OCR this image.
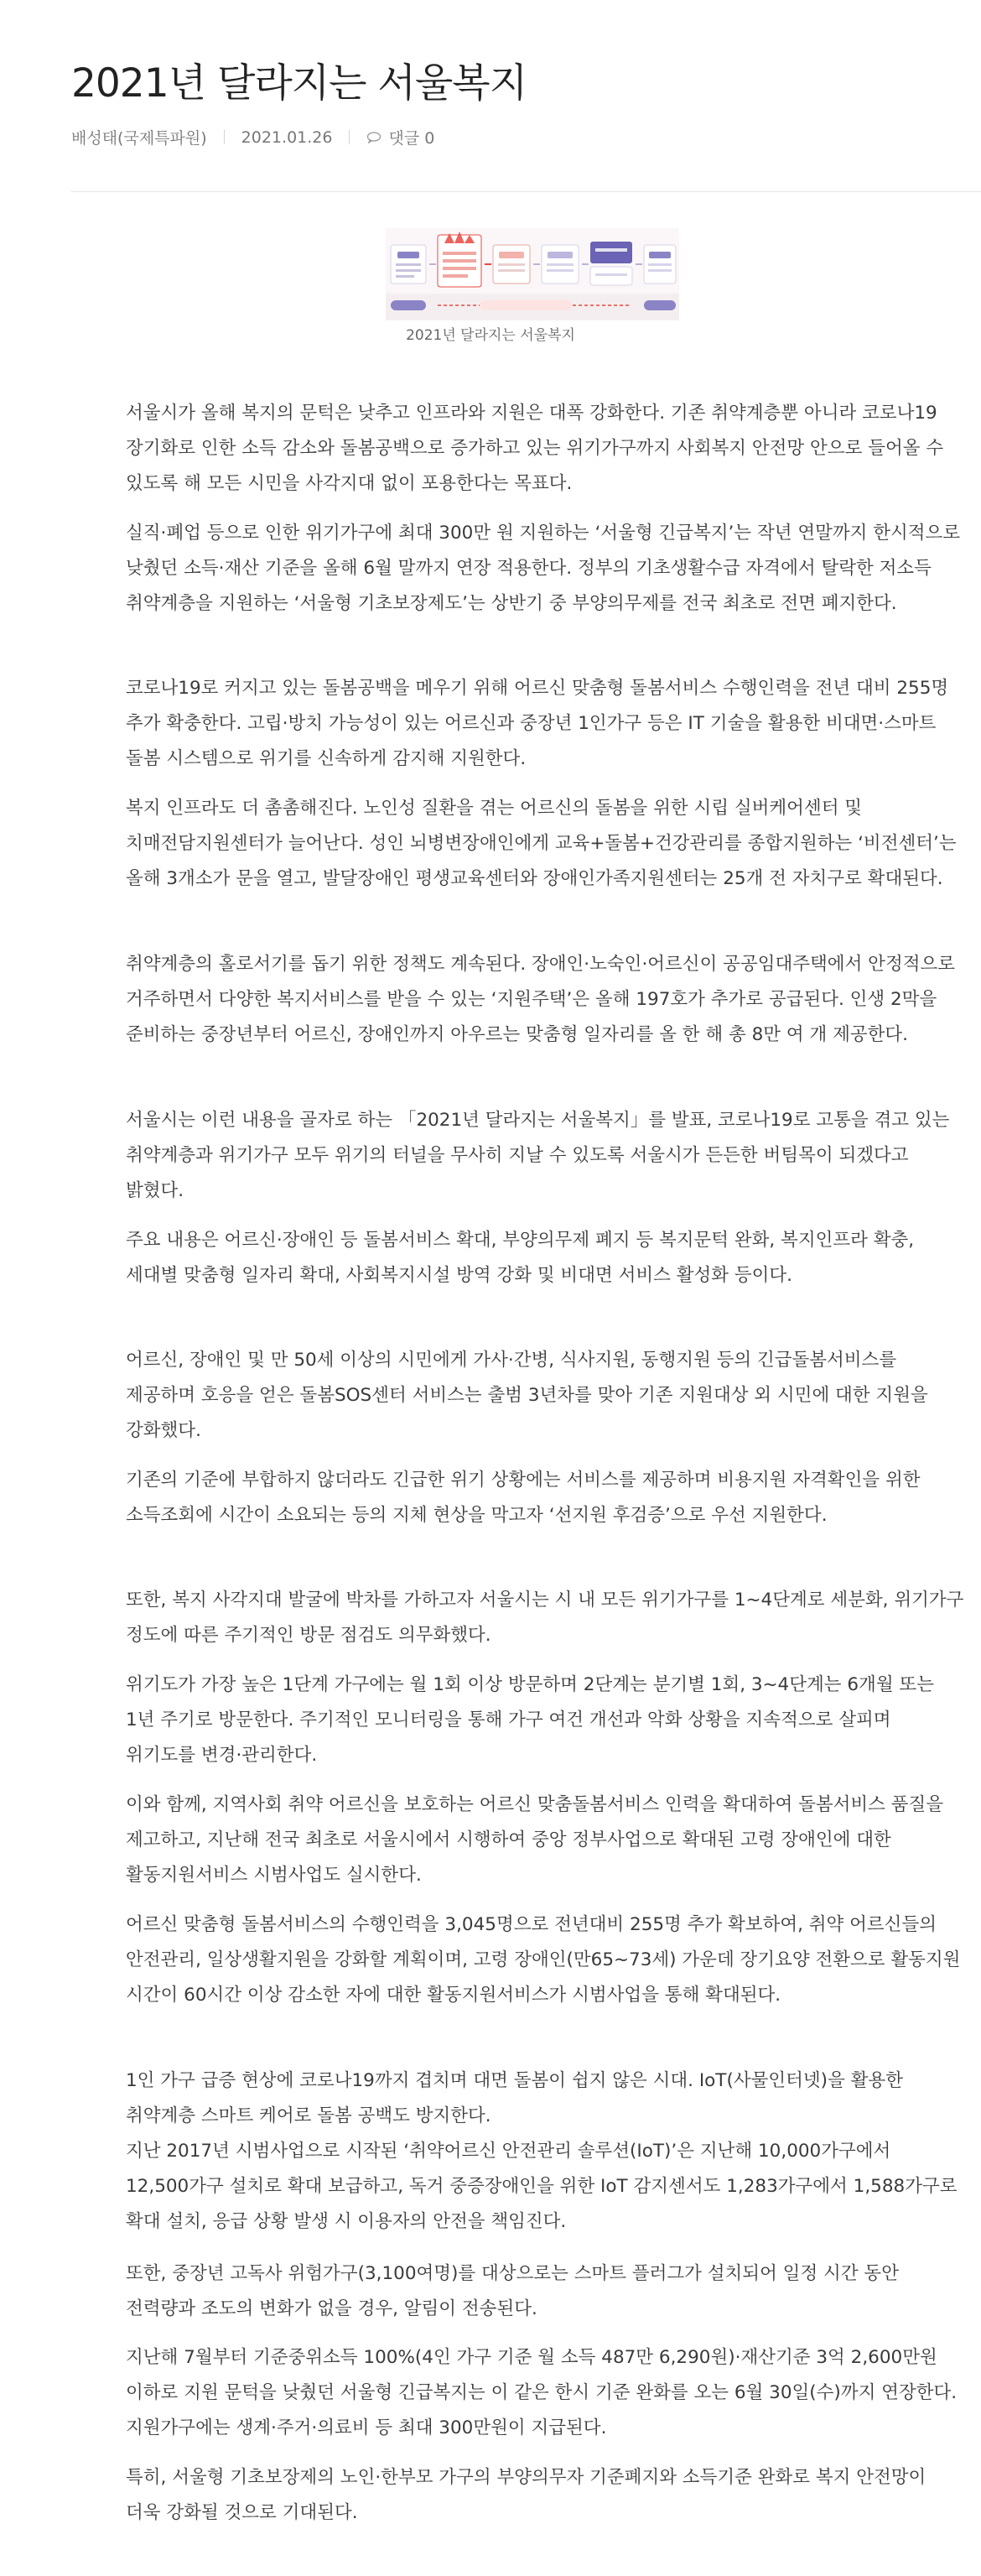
2021년 달라지는 서울복지
배성태(국제특파원) 2021.01.26	댓글 0
2021년 달라지는 서울복지

서울시가 올해 복지의 문턱은 낮추고 인프라와 지원은 대폭 강화한다. 기존 취약계층뿐 아니라 코로나19 장기화로 인한 소득 감소와 돌봄공백으로 증가하고 있는 위기가구까지 사회복지 안전망 안으로 들어올 수 있도록 해 모든 시민을 사각지대 없이 포용한다는 목표다.

실직·폐업 등으로 인한 위기가구에 최대 300만 원 지원하는 ‘서울형 긴급복지’는 작년 연말까지 한시적으로 낮췄던 소득·재산 기준을 올해 6월 말까지 연장 적용한다. 정부의 기초생활수급 자격에서 탈락한 저소득 취약계층을 지원하는 ‘서울형 기초보장제도’는 상반기 중 부양의무제를 전국 최초로 전면 폐지한다.

코로나19로 커지고 있는 돌봄공백을 메우기 위해 어르신 맞춤형 돌봄서비스 수행인력을 전년 대비 255명 추가 확충한다. 고립·방치 가능성이 있는 어르신과 중장년 1인가구 등은 IT 기술을 활용한 비대면·스마트 돌봄 시스템으로 위기를 신속하게 감지해 지원한다.

복지 인프라도 더 촘촘해진다. 노인성 질환을 겪는 어르신의 돌봄을 위한 시립 실버케어센터 및 치매전담지원센터가 늘어난다. 성인 뇌병변장애인에게 교육+돌봄+건강관리를 종합지원하는 ‘비전센터’는 올해 3개소가 문을 열고, 발달장애인 평생교육센터와 장애인가족지원센터는 25개 전 자치구로 확대된다.

취약계층의 홀로서기를 돕기 위한 정책도 계속된다. 장애인·노숙인·어르신이 공공임대주택에서 안정적으로 거주하면서 다양한 복지서비스를 받을 수 있는 ‘지원주택’은 올해 197호가 추가로 공급된다. 인생 2막을 준비하는 중장년부터 어르신, 장애인까지 아우르는 맞춤형 일자리를 올 한 해 총 8만 여 개 제공한다.

서울시는 이런 내용을 골자로 하는 「2021년 달라지는 서울복지」를 발표, 코로나19로 고통을 겪고 있는 취약계층과 위기가구 모두 위기의 터널을 무사히 지날 수 있도록 서울시가 든든한 버팀목이 되겠다고 밝혔다.

주요 내용은 어르신·장애인 등 돌봄서비스 확대, 부양의무제 폐지 등 복지문턱 완화, 복지인프라 확충, 세대별 맞춤형 일자리 확대, 사회복지시설 방역 강화 및 비대면 서비스 활성화 등이다.

어르신, 장애인 및 만 50세 이상의 시민에게 가사·간병, 식사지원, 동행지원 등의 긴급돌봄서비스를 제공하며 호응을 얻은 돌봄SOS센터 서비스는 출범 3년차를 맞아 기존 지원대상 외 시민에 대한 지원을 강화했다.

기존의 기준에 부합하지 않더라도 긴급한 위기 상황에는 서비스를 제공하며 비용지원 자격확인을 위한 소득조회에 시간이 소요되는 등의 지체 현상을 막고자 ‘선지원 후검증’으로 우선 지원한다.

또한, 복지 사각지대 발굴에 박차를 가하고자 서울시는 시 내 모든 위기가구를 1~4단계로 세분화, 위기가구 정도에 따른 주기적인 방문 점검도 의무화했다.

위기도가 가장 높은 1단계 가구에는 월 1회 이상 방문하며 2단계는 분기별 1회, 3~4단계는 6개월 또는 1년 주기로 방문한다. 주기적인 모니터링을 통해 가구 여건 개선과 악화 상황을 지속적으로 살피며 위기도를 변경·관리한다.

이와 함께, 지역사회 취약 어르신을 보호하는 어르신 맞춤돌봄서비스 인력을 확대하여 돌봄서비스 품질을 제고하고, 지난해 전국 최초로 서울시에서 시행하여 중앙 정부사업으로 확대된 고령 장애인에 대한 활동지원서비스 시범사업도 실시한다.

어르신 맞춤형 돌봄서비스의 수행인력을 3,045명으로 전년대비 255명 추가 확보하여, 취약 어르신들의 안전관리, 일상생활지원을 강화할 계획이며, 고령 장애인(만65~73세) 가운데 장기요양 전환으로 활동지원 시간이 60시간 이상 감소한 자에 대한 활동지원서비스가 시범사업을 통해 확대된다.

1인 가구 급증 현상에 코로나19까지 겹치며 대면 돌봄이 쉽지 않은 시대. IoT(사물인터넷)을 활용한 취약계층 스마트 케어로 돌봄 공백도 방지한다.
지난 2017년 시범사업으로 시작된 ‘취약어르신 안전관리 솔루션(IoT)’은 지난해 10,000가구에서 12,500가구 설치로 확대 보급하고, 독거 중증장애인을 위한 IoT 감지센서도 1,283가구에서 1,588가구로 확대 설치, 응급 상황 발생 시 이용자의 안전을 책임진다.

또한, 중장년 고독사 위험가구(3,100여명)를 대상으로는 스마트 플러그가 설치되어 일정 시간 동안 전력량과 조도의 변화가 없을 경우, 알림이 전송된다.

지난해 7월부터 기준중위소득 100%(4인 가구 기준 월 소득 487만 6,290원)·재산기준 3억 2,600만원 이하로 지원 문턱을 낮췄던 서울형 긴급복지는 이 같은 한시 기준 완화를 오는 6월 30일(수)까지 연장한다. 지원가구에는 생계·주거·의료비 등 최대 300만원이 지급된다.

특히, 서울형 기초보장제의 노인·한부모 가구의 부양의무자 기준폐지와 소득기준 완화로 복지 안전망이 더욱 강화될 것으로 기대된다.
